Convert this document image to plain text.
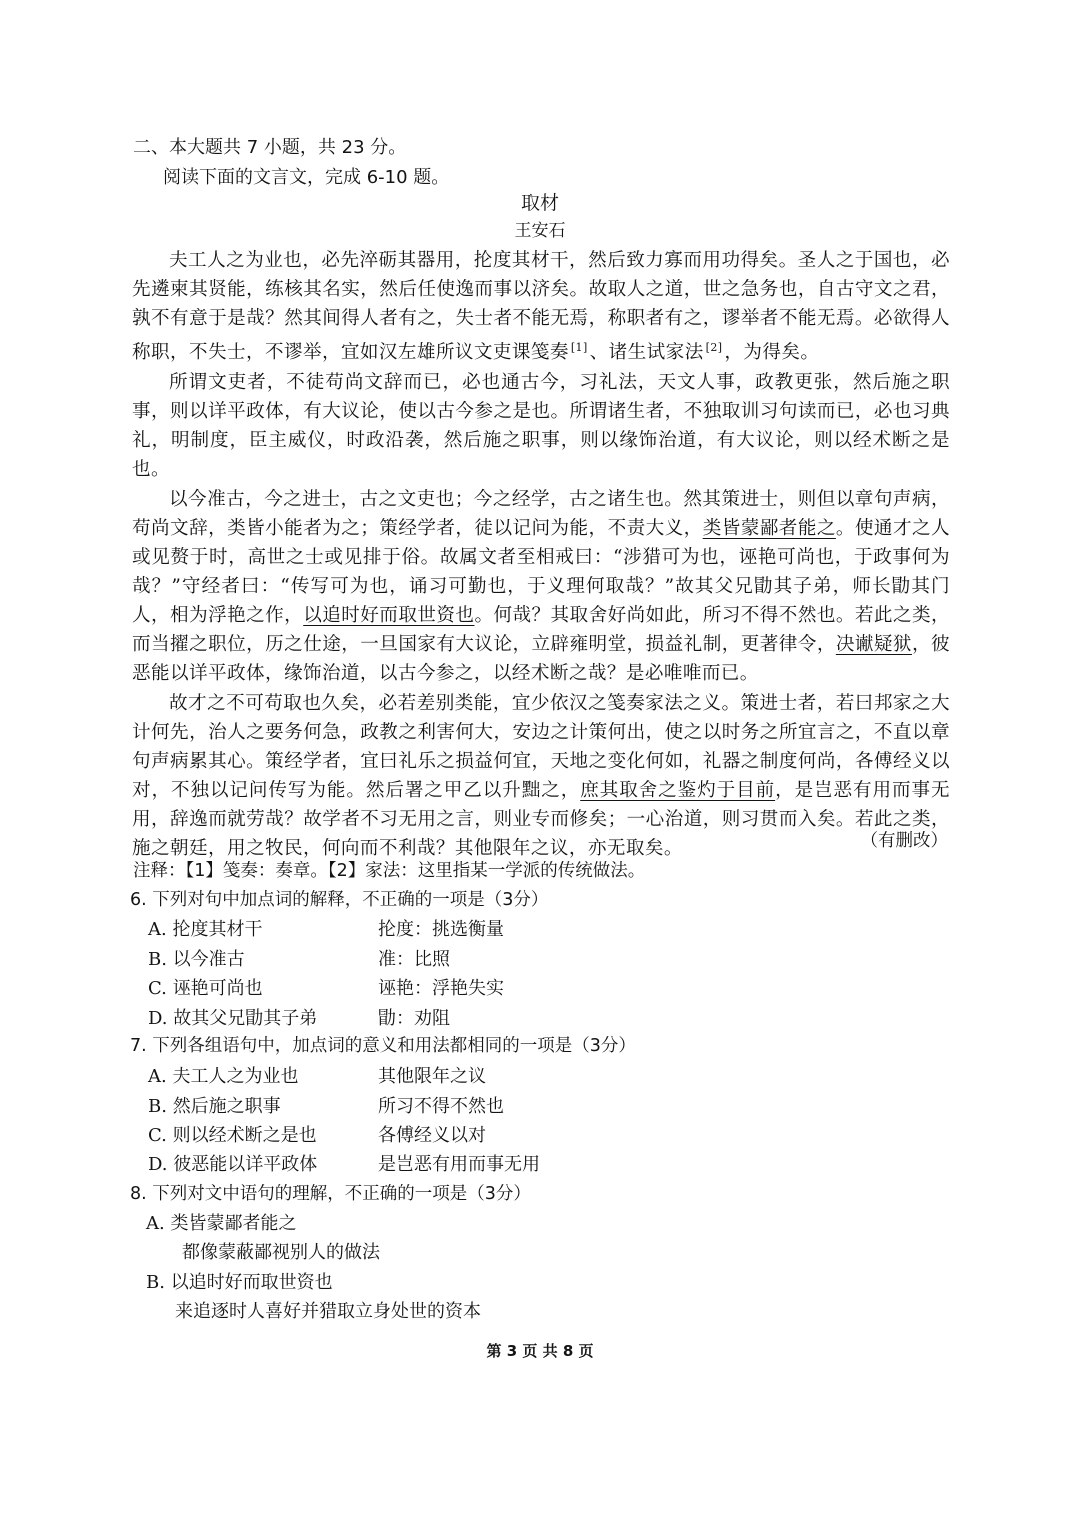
二、本大题共 7 小题，共 23 分。
阅读下面的文言文，完成 6-10 题。
取材
王安石

夫工人之为业也，必先淬砺其器用，抡度其材干，然后致力寡而用功得矣。圣人之于国也，必先遴柬其贤能，练核其名实，然后任使逸而事以济矣。故取人之道，世之急务也，自古守文之君，孰不有意于是哉？然其间得人者有之，失士者不能无焉，称职者有之，谬举者不能无焉。必欲得人称职，不失士，不谬举，宜如汉左雄所议文吏课笺奏 [1] 、诸生试家法 [2] ，为得矣。

所谓文吏者，不徒苟尚文辞而已，必也通古今，习礼法，天文人事，政教更张，然后施之职事，则以详平政体，有大议论，使以古今参之是也。所谓诸生者，不独取训习句读而已，必也习典礼，明制度，臣主威仪，时政沿袭，然后施之职事，则以缘饰治道，有大议论，则以经术断之是也。

以今准古，今之进士，古之文吏也；今之经学，古之诸生也。然其策进士，则但以章句声病，苟尚文辞，类皆小能者为之；策经学者，徒以记问为能，不责大义，类皆蒙鄙者能之。使通才之人或见赘于时，高世之士或见排于俗。故属文者至相戒曰：“涉猎可为也，诬艳可尚也，于政事何为哉？”守经者曰：“传写可为也，诵习可勤也，于义理何取哉？”故其父兄勖其子弟，师长勖其门人，相为浮艳之作，以追时好而取世资也。何哉？其取舍好尚如此，所习不得不然也。若此之类，而当擢之职位，历之仕途，一旦国家有大议论，立辟雍明堂，损益礼制，更著律令，决谳疑狱，彼恶能以详平政体，缘饰治道，以古今参之，以经术断之哉？是必唯唯而已。

故才之不可苟取也久矣，必若差别类能，宜少依汉之笺奏家法之义。策进士者，若曰邦家之大计何先，治人之要务何急，政教之利害何大，安边之计策何出，使之以时务之所宜言之，不直以章句声病累其心。策经学者，宜曰礼乐之损益何宜，天地之变化何如，礼器之制度何尚，各傅经义以对，不独以记问传写为能。然后署之甲乙以升黜之，庶其取舍之鉴灼于目前，是岂恶有用而事无用，辞逸而就劳哉？故学者不习无用之言，则业专而修矣；一心治道，则习贯而入矣。若此之类，施之朝廷，用之牧民，何向而不利哉？其他限年之议，亦无取矣。	（有删改）
注释：【1】笺奏：奏章。【2】家法：这里指某一学派的传统做法。
6. 下列对句中加点词的解释，不正确的一项是（3分）
A. 抡度其材干	抡度：挑选衡量
B. 以今准古	准：比照
C. 诬艳可尚也	诬艳：浮艳失实
D. 故其父兄勖其子弟	勖：劝阻
7. 下列各组语句中，加点词的意义和用法都相同的一项是（3分）
A. 夫工人之为业也	其他限年之议
B. 然后施之职事	所习不得不然也
C. 则以经术断之是也	各傅经义以对
D. 彼恶能以详平政体	是岂恶有用而事无用
8. 下列对文中语句的理解，不正确的一项是（3分）
A. 类皆蒙鄙者能之
都像蒙蔽鄙视别人的做法
B. 以追时好而取世资也
来追逐时人喜好并猎取立身处世的资本
第 3 页 共 8 页
